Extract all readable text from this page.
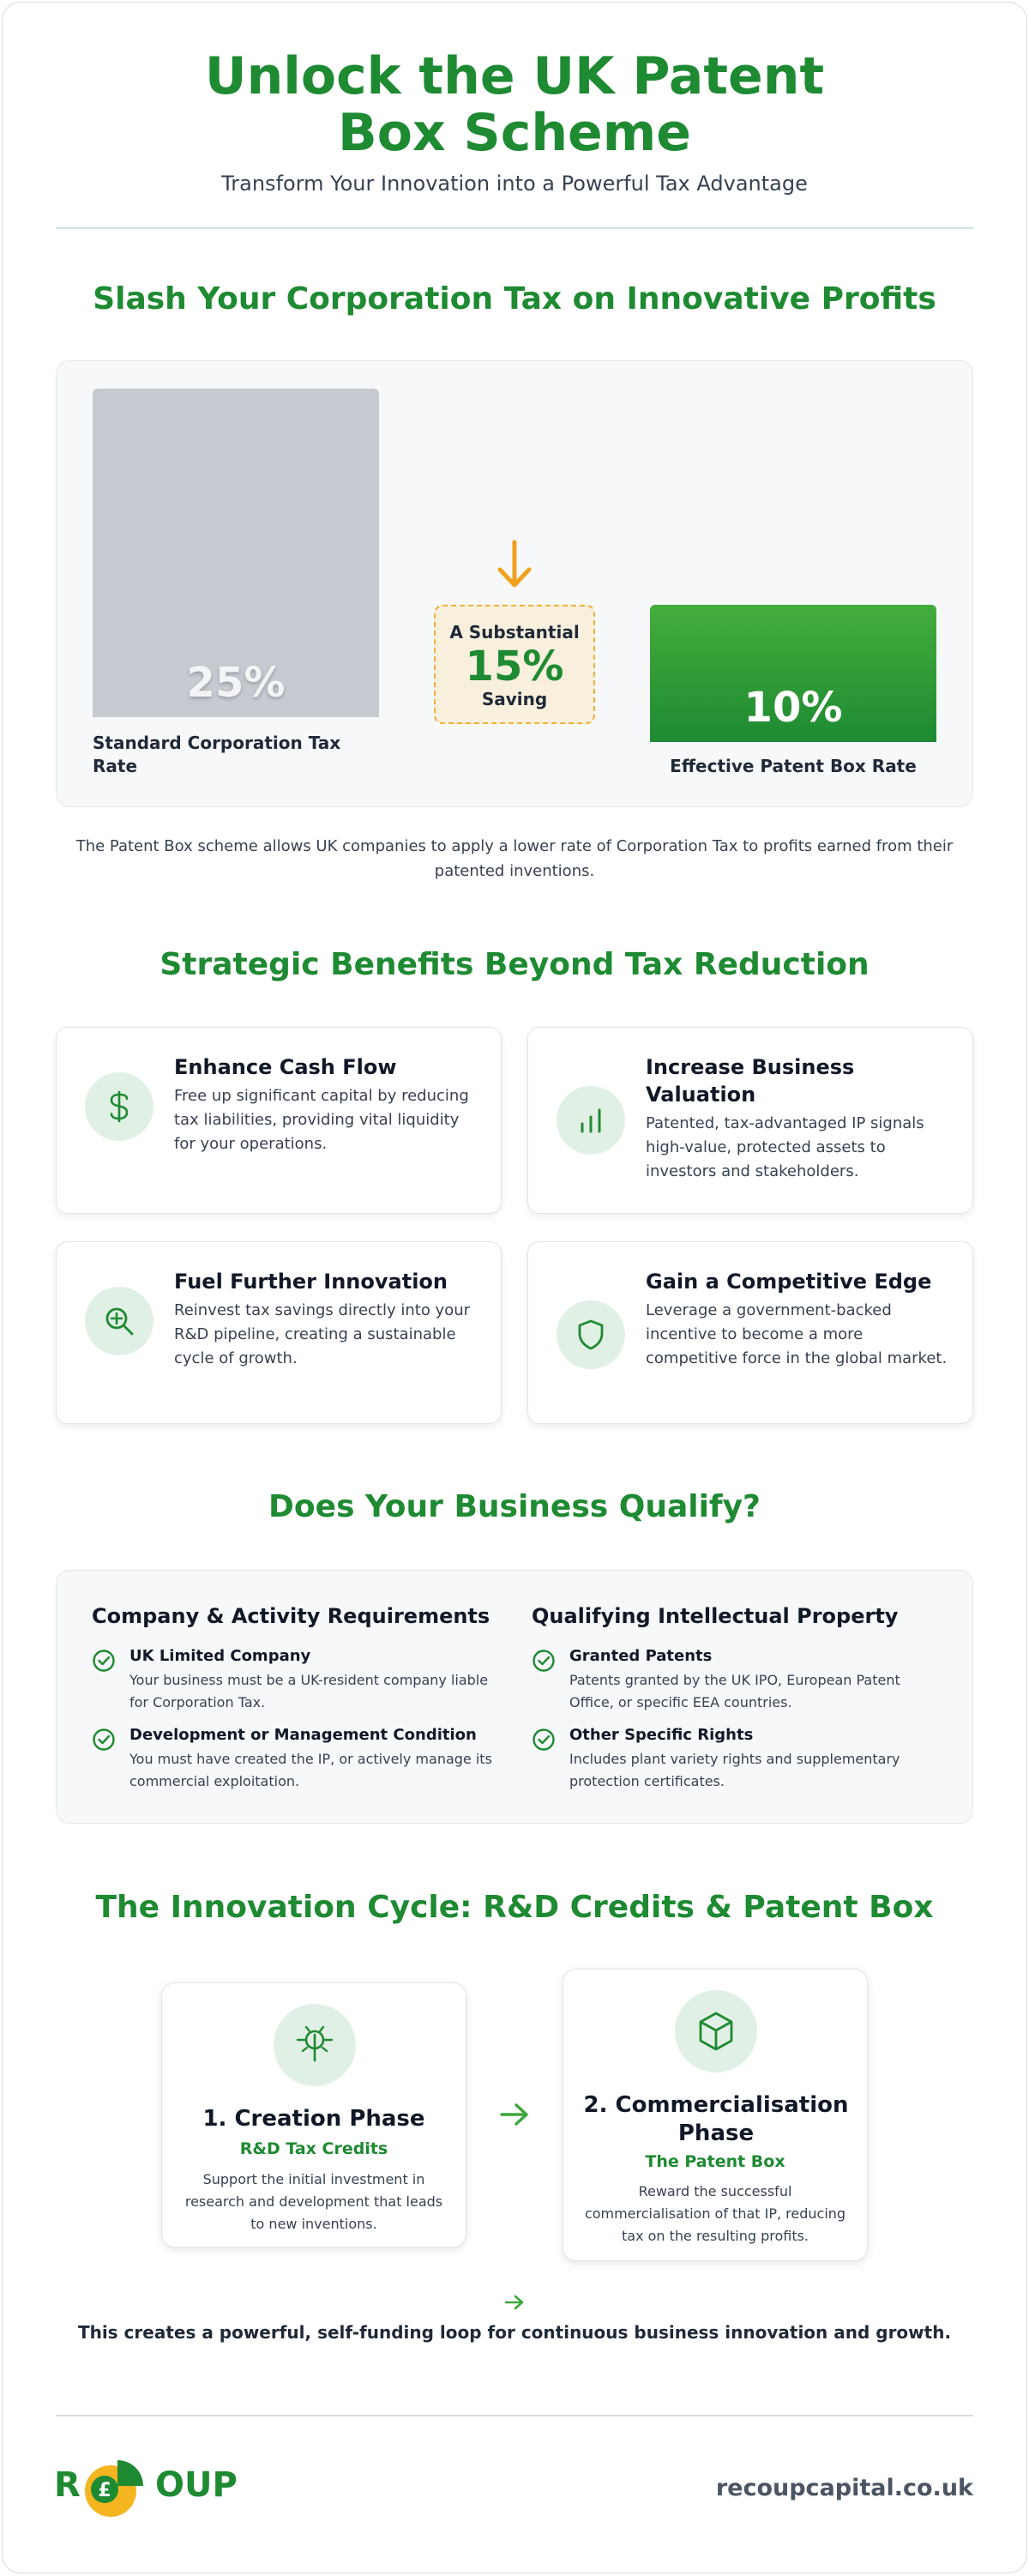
Unlock the UK Patent Box Scheme
Transform Your Innovation into a Powerful Tax Advantage
Slash Your Corporation Tax on Innovative Profits
25%
Standard Corporation Tax Rate
A Substantial
15%
Saving	10%
Effective Patent Box Rate
The Patent Box scheme allows UK companies to apply a lower rate of Corporation Tax to profits earned from their patented inventions.
Strategic Benefits Beyond Tax Reduction
Enhance Cash Flow
Free up significant capital by reducing tax liabilities, providing vital liquidity for your operations.
Increase Business Valuation
Patented, tax-advantaged IP signals high-value, protected assets to investors and stakeholders.
Fuel Further Innovation
Reinvest tax savings directly into your R&D pipeline, creating a sustainable cycle of growth.
Gain a Competitive Edge
Leverage a government-backed incentive to become a more competitive force in the global market.
Does Your Business Qualify?
Company & Activity Requirements
UK Limited Company
Your business must be a UK-resident company liable for Corporation Tax.
Development or Management Condition
You must have created the IP, or actively manage its commercial exploitation.
Qualifying Intellectual Property
Granted Patents
Patents granted by the UK IPO, European Patent Office, or specific EEA countries.
Other Specific Rights
Includes plant variety rights and supplementary protection certificates.
The Innovation Cycle: R&D Credits & Patent Box
1. Creation Phase
R&D Tax Credits
Support the initial investment in research and development that leads to new inventions.
2. Commercialisation Phase
The Patent Box
Reward the successful commercialisation of that IP, reducing tax on the resulting profits.
This creates a powerful, self-funding loop for continuous business innovation and growth.
R £ OUP	recoupcapital.co.uk
